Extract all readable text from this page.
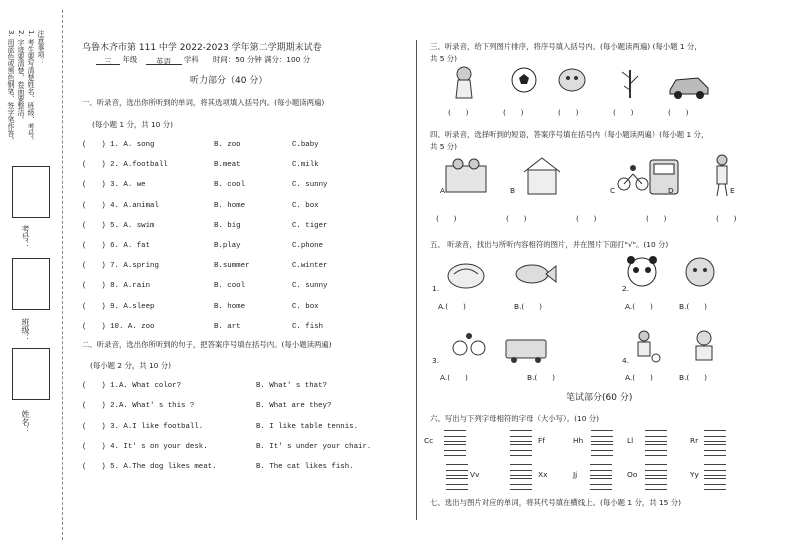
注意事项：
1. 考生要写清楚姓名、班级、考号。
2. 字迹要清楚，卷面要整洁。
3. 用蓝色或黑色钢笔、签字笔作答。
考号：
班级：
姓名：
乌鲁木齐市第 111 中学 2022-2023 学年第二学期期末试卷
三 年级	英语 学科 时间：50 分钟 满分：100 分
听力部分（40 分）
一、听录音，选出你所听到的单词，将其选项填入括号内。(每小题读两遍)
(每小题 1 分，共 10 分)
(　　) 1. A. song	B. zoo	C.baby
(　　) 2. A.football	B.meat	C.milk
(　　) 3. A. we	B. cool	C. sunny
(　　) 4. A.animal	B. home	C. box
(　　) 5. A. swim	B. big	C. tiger
(　　) 6. A. fat	B.play	C.phone
(　　) 7. A.spring	B.summer	C.winter
(　　) 8. A.rain	B. cool	C. sunny
(　　) 9. A.sleep	B. home	C. box
(　　) 10. A. zoo	B. art	C. fish
二、听录音，选出你所听到的句子，把答案序号填在括号内。(每小题读两遍)
(每小题 2 分，共 10 分)
(　　) 1.A. What color?	B. What' s that?
(　　) 2.A. What' s this ?	B. What are they?
(　　) 3. A.I like football.	B. I like table tennis.
(　　) 4. It' s on your desk.	B. It' s under your chair.
(　　) 5. A.The dog likes meat.	B. The cat likes fish.
三、听录音，给下列图片排序，将序号填入括号内。(每小题读两遍) (每小题 1 分，
共 5 分)
(　　)	(　　)	(　　)	(　　)	(　　)
四、听录音，选择听到的短语，答案序号填在括号内（每小题读两遍）(每小题 1 分，
共 5 分)
A	B	C	D	E
(　　)	(　　)	(　　)	(　　)	(　　)
五、 听录音，找出与所听内容相符的图片，并在图片下面打"√"。(10 分)
1.
A.(　　)	B.(　　)
2.
A.(　　)	B.(　　)
3.
A.(　　)	B.(　　)
4.
A.(　　)	B.(　　)
笔试部分(60 分)
六、写出与下列字母相符的字母（大小写）。(10 分)
Cc	Ff	Hh	Ll	Rr
Vv	Xx	Jj	Oo	Yy
七、选出与图片对应的单词，将其代号填在横线上。(每小题 1 分，共 15 分)
